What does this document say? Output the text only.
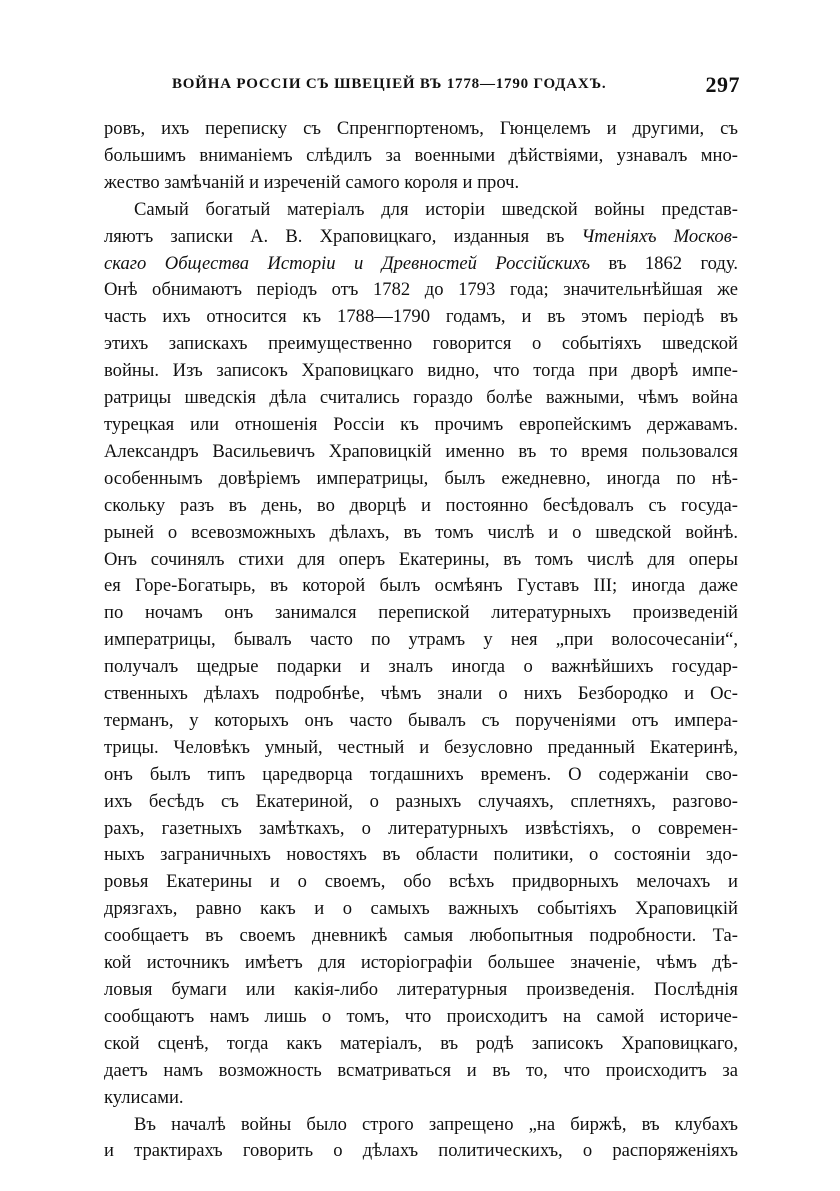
ВОЙНА РОССІИ СЪ ШВЕЦІЕЙ ВЪ 1778—1790 ГОДАХЪ.	297
ровъ, ихъ переписку съ Спренгпортеномъ, Гюнцелемъ и другими, съ
большимъ вниманіемъ слѣдилъ за военными дѣйствіями, узнавалъ мно-
жество замѣчаній и изреченій самого короля и проч.
Самый богатый матеріалъ для исторіи шведской войны представ-
ляютъ записки А. В. Храповицкаго, изданныя въ Чтеніяхъ Москов-
скаго Общества Исторіи и Древностей Россійскихъ въ 1862 году.
Онѣ обнимаютъ періодъ отъ 1782 до 1793 года; значительнѣйшая же
часть ихъ относится къ 1788—1790 годамъ, и въ этомъ періодѣ въ
этихъ запискахъ преимущественно говорится о событіяхъ шведской
войны. Изъ записокъ Храповицкаго видно, что тогда при дворѣ импе-
ратрицы шведскія дѣла считались гораздо болѣе важными, чѣмъ война
турецкая или отношенія Россіи къ прочимъ европейскимъ державамъ.
Александръ Васильевичъ Храповицкій именно въ то время пользовался
особеннымъ довѣріемъ императрицы, былъ ежедневно, иногда по нѣ-
скольку разъ въ день, во дворцѣ и постоянно бесѣдовалъ съ госуда-
рыней о всевозможныхъ дѣлахъ, въ томъ числѣ и о шведской войнѣ.
Онъ сочинялъ стихи для оперъ Екатерины, въ томъ числѣ для оперы
ея Горе-Богатырь, въ которой былъ осмѣянъ Густавъ III; иногда даже
по ночамъ онъ занимался перепиской литературныхъ произведеній
императрицы, бывалъ часто по утрамъ у нея „при волосочесаніи“,
получалъ щедрые подарки и зналъ иногда о важнѣйшихъ государ-
ственныхъ дѣлахъ подробнѣе, чѣмъ знали о нихъ Безбородко и Ос-
терманъ, у которыхъ онъ часто бывалъ съ порученіями отъ импера-
трицы. Человѣкъ умный, честный и безусловно преданный Екатеринѣ,
онъ былъ типъ царедворца тогдашнихъ временъ. О содержаніи сво-
ихъ бесѣдъ съ Екатериной, о разныхъ случаяхъ, сплетняхъ, разгово-
рахъ, газетныхъ замѣткахъ, о литературныхъ извѣстіяхъ, о современ-
ныхъ заграничныхъ новостяхъ въ области политики, о состояніи здо-
ровья Екатерины и о своемъ, обо всѣхъ придворныхъ мелочахъ и
дрязгахъ, равно какъ и о самыхъ важныхъ событіяхъ Храповицкій
сообщаетъ въ своемъ дневникѣ самыя любопытныя подробности. Та-
кой источникъ имѣетъ для исторіографіи большее значеніе, чѣмъ дѣ-
ловыя бумаги или какія-либо литературныя произведенія. Послѣднія
сообщаютъ намъ лишь о томъ, что происходитъ на самой историче-
ской сценѣ, тогда какъ матеріалъ, въ родѣ записокъ Храповицкаго,
даетъ намъ возможность всматриваться и въ то, что происходитъ за
кулисами.
Въ началѣ войны было строго запрещено „на биржѣ, въ клубахъ
и трактирахъ говорить о дѣлахъ политическихъ, о распоряженіяхъ
